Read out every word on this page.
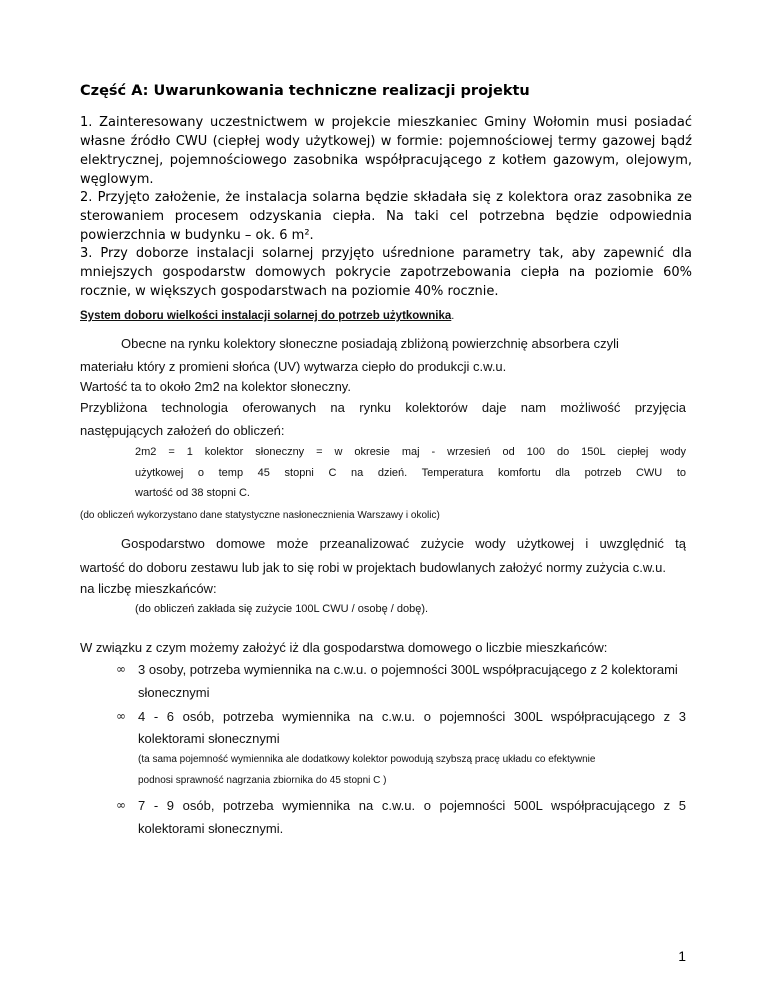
Część A: Uwarunkowania techniczne realizacji projektu
1. Zainteresowany uczestnictwem w projekcie mieszkaniec Gminy Wołomin musi posiadać własne źródło CWU (ciepłej wody użytkowej) w formie: pojemnościowej termy gazowej bądź elektrycznej, pojemnościowego zasobnika współpracującego z kotłem gazowym, olejowym, węglowym.
2. Przyjęto założenie, że instalacja solarna będzie składała się z kolektora oraz zasobnika ze sterowaniem procesem odzyskania ciepła. Na taki cel potrzebna będzie odpowiednia powierzchnia w budynku – ok. 6 m².
3. Przy doborze instalacji solarnej przyjęto uśrednione parametry tak, aby zapewnić dla mniejszych gospodarstw domowych pokrycie zapotrzebowania ciepła na poziomie 60% rocznie, w większych gospodarstwach na poziomie 40% rocznie.
System doboru wielkości instalacji solarnej do potrzeb użytkownika.
Obecne na rynku kolektory słoneczne posiadają zbliżoną powierzchnię absorbera czyli
materiału który z promieni słońca (UV) wytwarza ciepło do produkcji c.w.u.
Wartość ta to około 2m2 na kolektor słoneczny.
Przybliżona technologia oferowanych na rynku kolektorów daje nam możliwość przyjęcia
następujących założeń do obliczeń:
2m2 = 1 kolektor słoneczny = w okresie maj - wrzesień od 100 do 150L ciepłej wody
użytkowej o temp 45 stopni C na dzień. Temperatura komfortu dla potrzeb CWU to
wartość od 38 stopni C.
(do obliczeń wykorzystano dane statystyczne nasłonecznienia Warszawy i okolic)
Gospodarstwo domowe może przeanalizować zużycie wody użytkowej i uwzględnić tą
wartość do doboru zestawu lub jak to się robi w projektach budowlanych założyć normy zużycia c.w.u.
na liczbę mieszkańców:
(do obliczeń zakłada się zużycie 100L CWU / osobę / dobę).
W związku z czym możemy założyć iż dla gospodarstwa domowego o liczbie mieszkańców:
∞ 3 osoby, potrzeba wymiennika na c.w.u. o pojemności 300L współpracującego z 2 kolektorami
słonecznymi
∞ 4 - 6 osób, potrzeba wymiennika na c.w.u. o pojemności 300L współpracującego z 3
kolektorami słonecznymi
(ta sama pojemność wymiennika ale dodatkowy kolektor powodują szybszą pracę układu co efektywnie
podnosi sprawność nagrzania zbiornika do 45 stopni C )
∞ 7 - 9 osób, potrzeba wymiennika na c.w.u. o pojemności 500L współpracującego z 5
kolektorami słonecznymi.
1
